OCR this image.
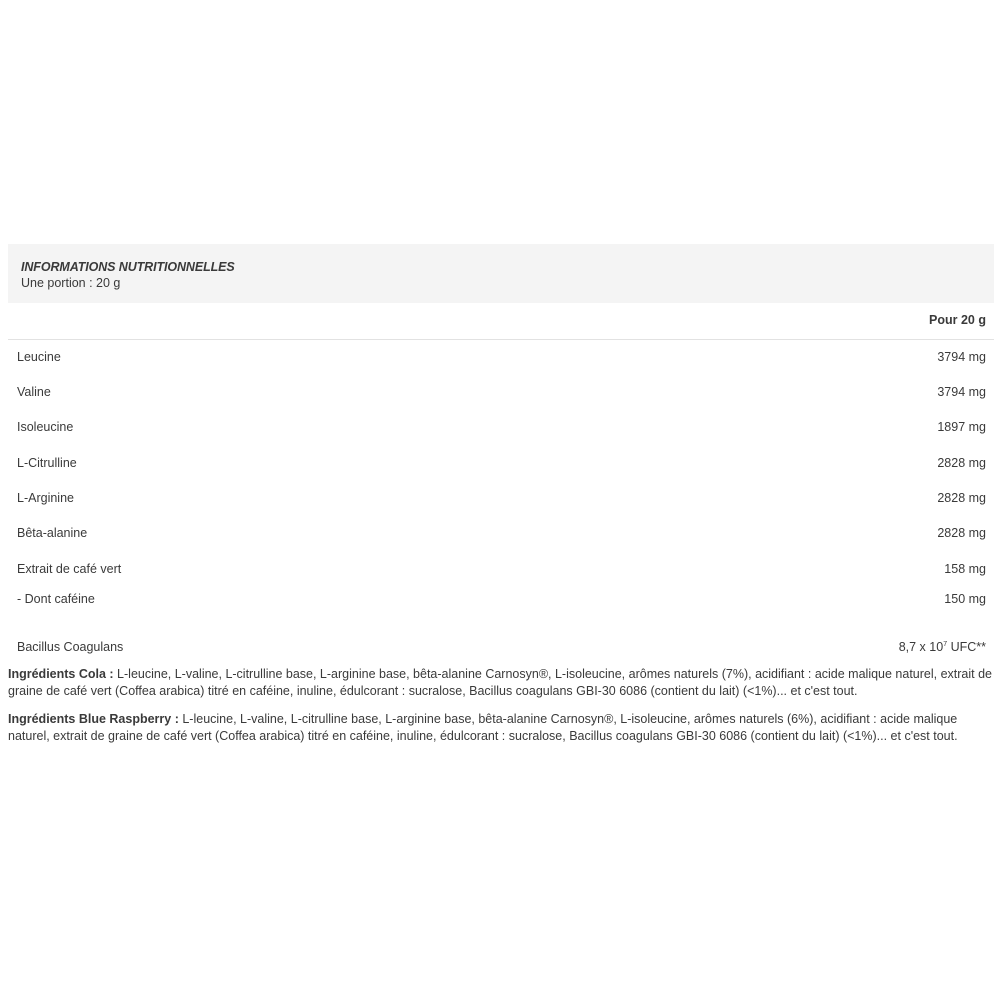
INFORMATIONS NUTRITIONNELLES
Une portion : 20 g
Pour 20 g
Leucine	3794 mg
Valine	3794 mg
Isoleucine	1897 mg
L-Citrulline	2828 mg
L-Arginine	2828 mg
Bêta-alanine	2828 mg
Extrait de café vert	158 mg
- Dont caféine	150 mg
Bacillus Coagulans	8,7 x $10^7$ UFC**

Ingrédients Cola : L-leucine, L-valine, L-citrulline base, L-arginine base, bêta-alanine Carnosyn®, L-isoleucine, arômes naturels (7%), acidifiant : acide malique naturel, extrait de graine de café vert (Coffea arabica) titré en caféine, inuline, édulcorant : sucralose, Bacillus coagulans GBI-30 6086 (contient du lait) (<1%)... et c'est tout.

Ingrédients Blue Raspberry : L-leucine, L-valine, L-citrulline base, L-arginine base, bêta-alanine Carnosyn®, L-isoleucine, arômes naturels (6%), acidifiant : acide malique naturel, extrait de graine de café vert (Coffea arabica) titré en caféine, inuline, édulcorant : sucralose, Bacillus coagulans GBI-30 6086 (contient du lait) (<1%)... et c'est tout.
